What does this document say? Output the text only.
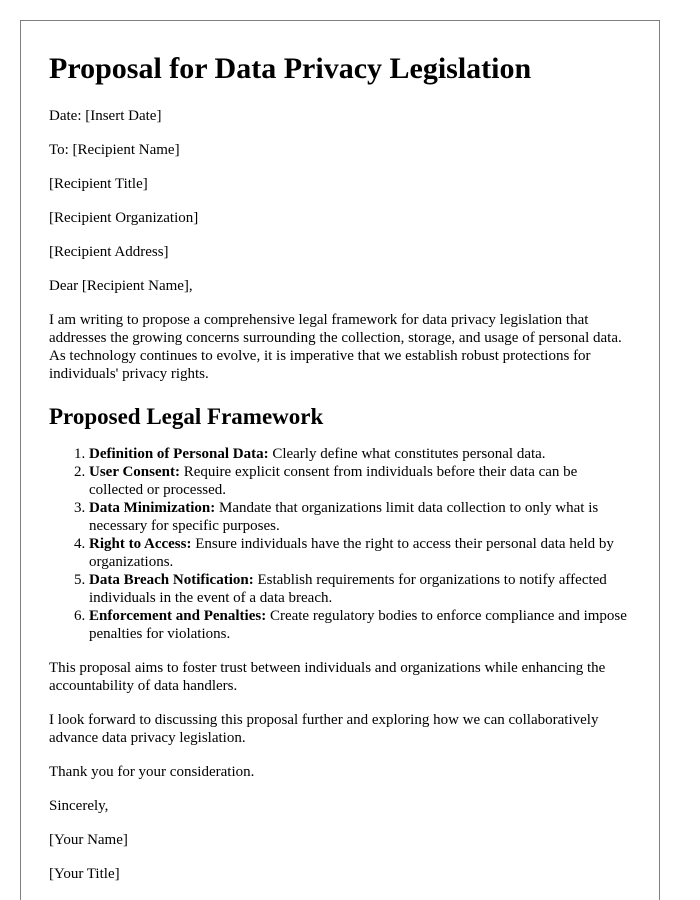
Proposal for Data Privacy Legislation

Date: [Insert Date]

To: [Recipient Name]

[Recipient Title]

[Recipient Organization]

[Recipient Address]

Dear [Recipient Name],

I am writing to propose a comprehensive legal framework for data privacy legislation that addresses the growing concerns surrounding the collection, storage, and usage of personal data. As technology continues to evolve, it is imperative that we establish robust protections for individuals' privacy rights.

Proposed Legal Framework
1. Definition of Personal Data: Clearly define what constitutes personal data.
2. User Consent: Require explicit consent from individuals before their data can be collected or processed.
3. Data Minimization: Mandate that organizations limit data collection to only what is necessary for specific purposes.
4. Right to Access: Ensure individuals have the right to access their personal data held by organizations.
5. Data Breach Notification: Establish requirements for organizations to notify affected individuals in the event of a data breach.
6. Enforcement and Penalties: Create regulatory bodies to enforce compliance and impose penalties for violations.

This proposal aims to foster trust between individuals and organizations while enhancing the accountability of data handlers.

I look forward to discussing this proposal further and exploring how we can collaboratively advance data privacy legislation.

Thank you for your consideration.

Sincerely,

[Your Name]

[Your Title]
